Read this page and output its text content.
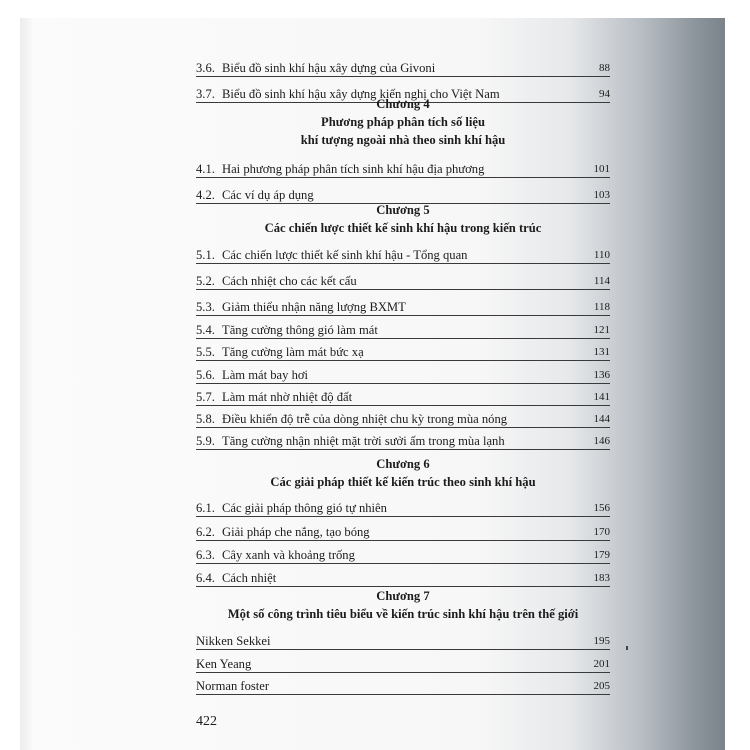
3.6. Biểu đồ sinh khí hậu xây dựng của Givoni	88
3.7. Biểu đồ sinh khí hậu xây dựng kiến nghị cho Việt Nam	94
Chương 4
Phương pháp phân tích số liệu
khí tượng ngoài nhà theo sinh khí hậu
4.1. Hai phương pháp phân tích sinh khí hậu địa phương	101
4.2. Các ví dụ áp dụng	103
Chương 5
Các chiến lược thiết kế sinh khí hậu trong kiến trúc
5.1. Các chiến lược thiết kế sinh khí hậu - Tổng quan	110
5.2. Cách nhiệt cho các kết cấu	114
5.3. Giảm thiểu nhận năng lượng BXMT	118
5.4. Tăng cường thông gió làm mát	121
5.5. Tăng cường làm mát bức xạ	131
5.6. Làm mát bay hơi	136
5.7. Làm mát nhờ nhiệt độ đất	141
5.8. Điều khiển độ trễ của dòng nhiệt chu kỳ trong mùa nóng	144
5.9. Tăng cường nhận nhiệt mặt trời sưởi ấm trong mùa lạnh	146
Chương 6
Các giải pháp thiết kế kiến trúc theo sinh khí hậu
6.1. Các giải pháp thông gió tự nhiên	156
6.2. Giải pháp che nắng, tạo bóng	170
6.3. Cây xanh và khoảng trống	179
6.4. Cách nhiệt	183
Chương 7
Một số công trình tiêu biểu về kiến trúc sinh khí hậu trên thế giới
Nikken Sekkei	195
Ken Yeang	201
Norman foster	205
422
